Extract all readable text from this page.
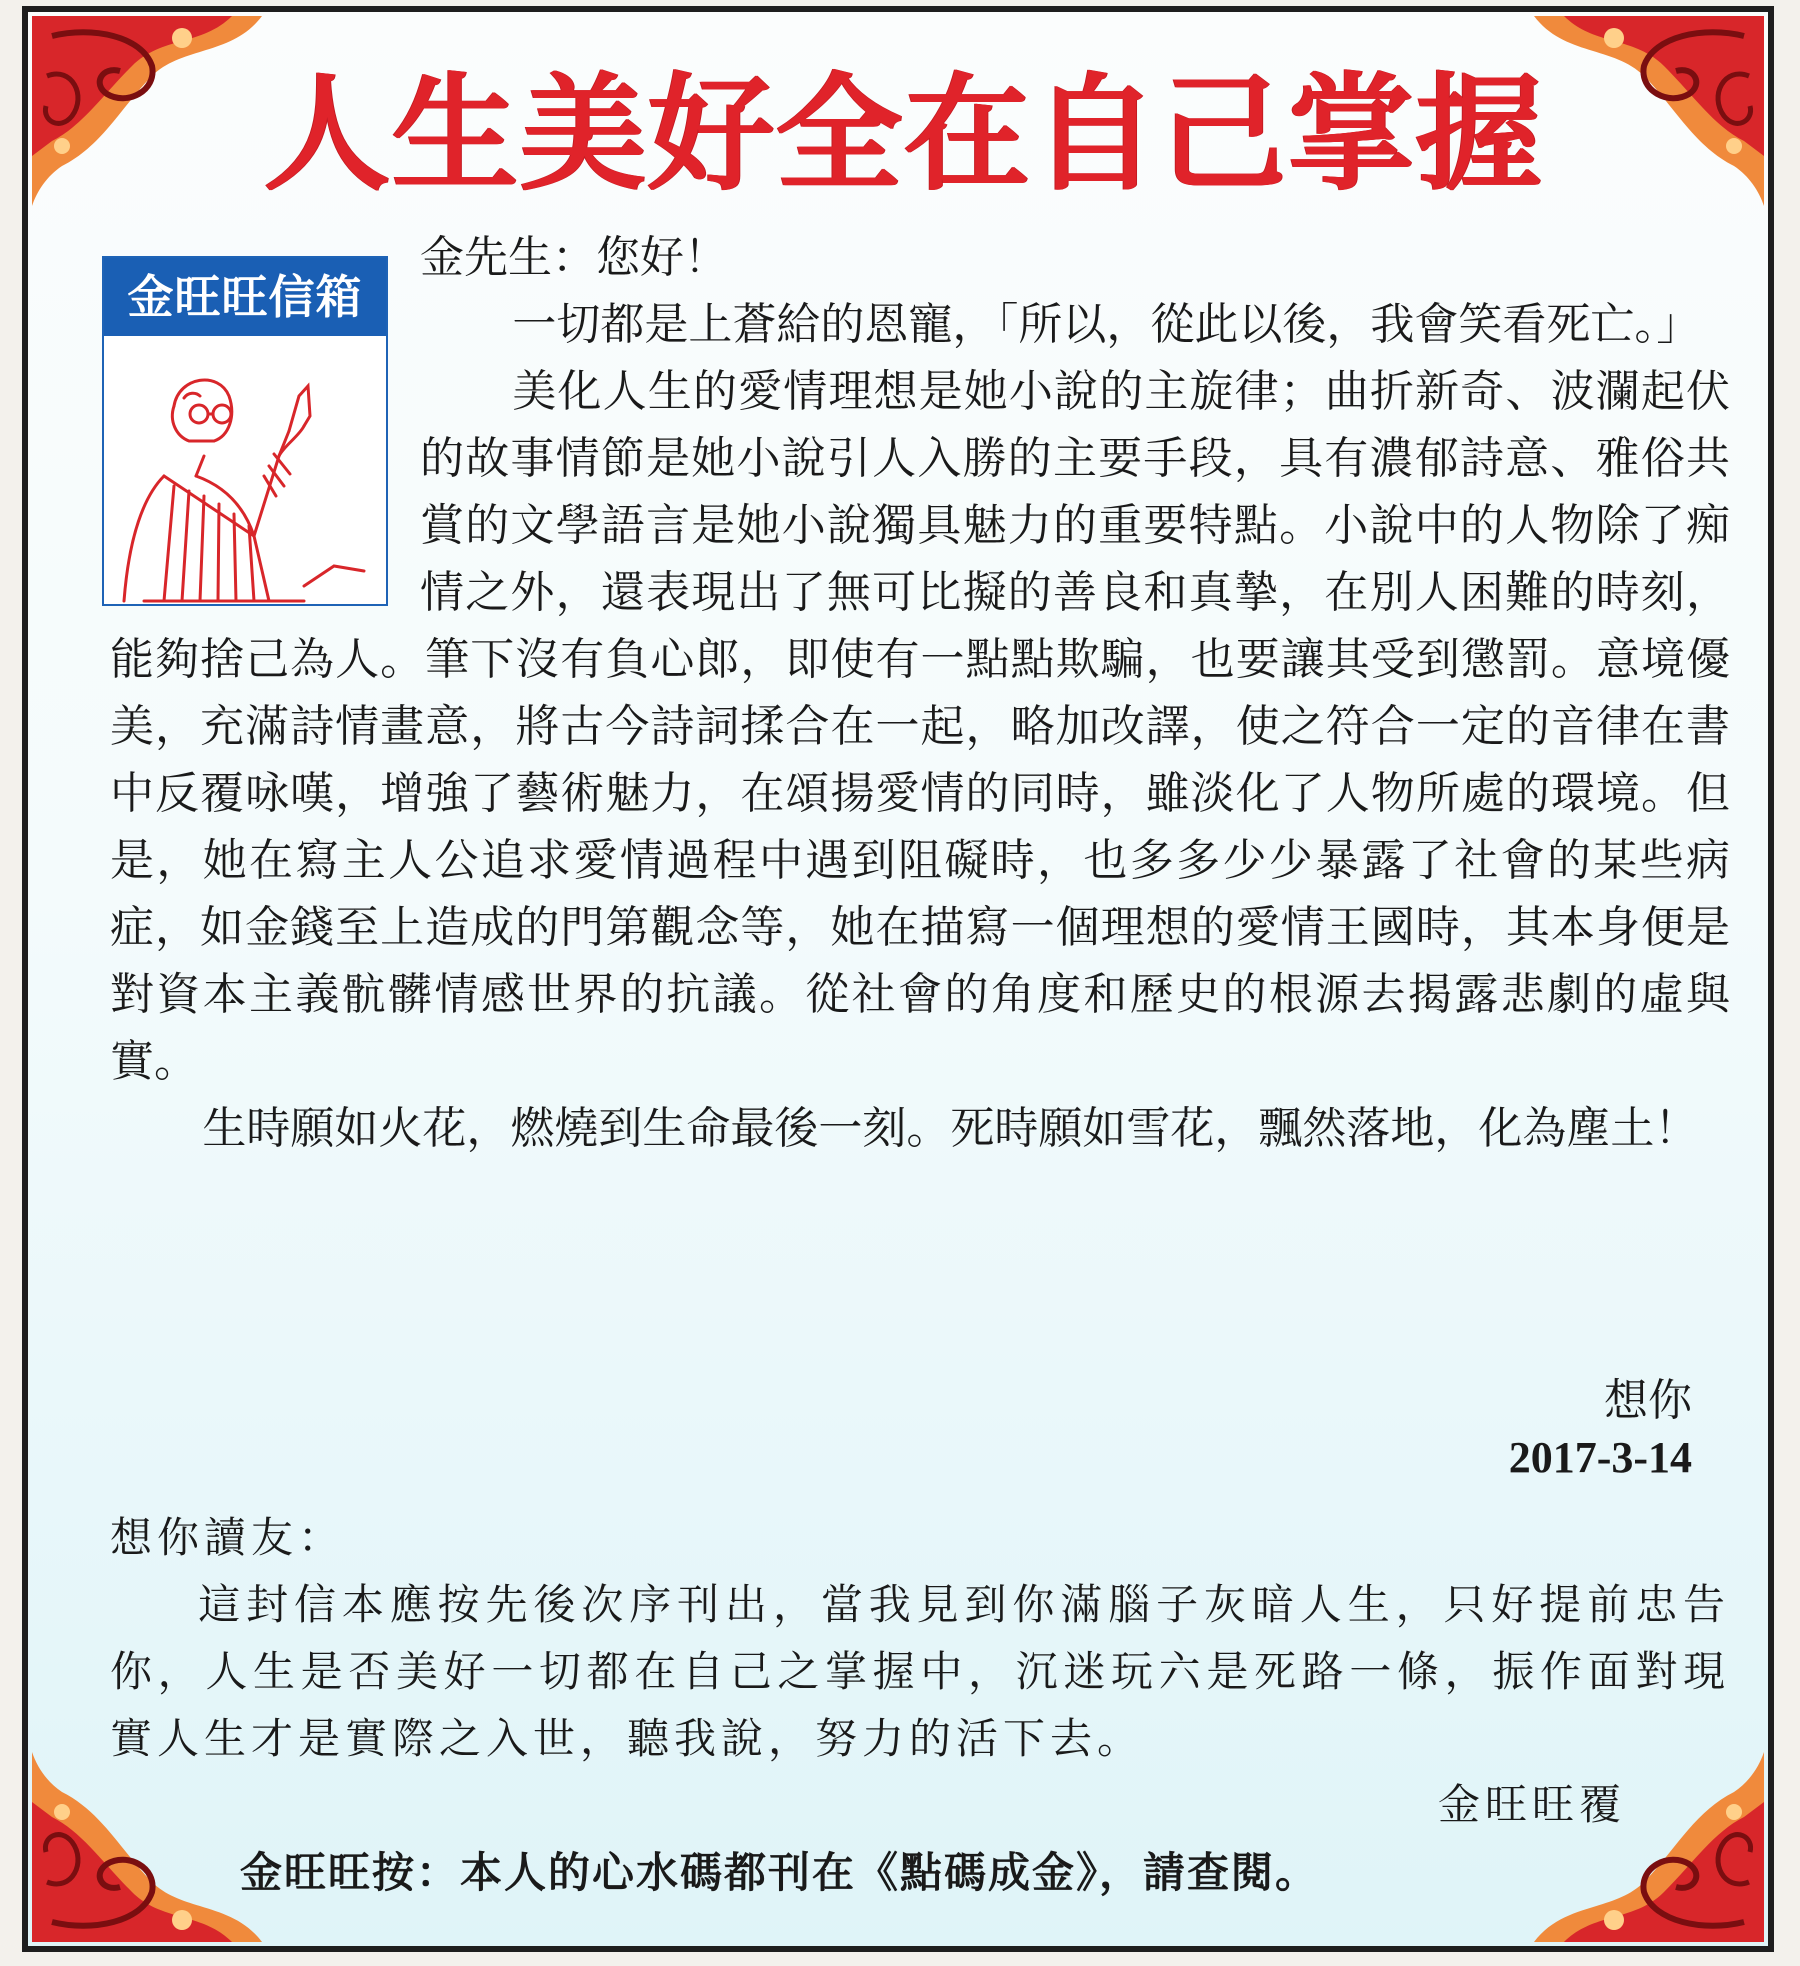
人生美好全在自己掌握
金旺旺信箱

金先生：您好！

一切都是上蒼給的恩寵，「所以，從此以後，我會笑看死亡。」

美化人生的愛情理想是她小說的主旋律；曲折新奇、波瀾起伏的故事情節是她小說引人入勝的主要手段，具有濃郁詩意、雅俗共賞的文學語言是她小說獨具魅力的重要特點。小說中的人物除了痴情之外，還表現出了無可比擬的善良和真摯，在別人困難的時刻，能夠捨己為人。筆下沒有負心郎，即使有一點點欺騙，也要讓其受到懲罰。意境優美，充滿詩情畫意，將古今詩詞揉合在一起，略加改譯，使之符合一定的音律在書中反覆咏嘆，增強了藝術魅力，在頌揚愛情的同時，雖淡化了人物所處的環境。但是，她在寫主人公追求愛情過程中遇到阻礙時，也多多少少暴露了社會的某些病症，如金錢至上造成的門第觀念等，她在描寫一個理想的愛情王國時，其本身便是對資本主義骯髒情感世界的抗議。從社會的角度和歷史的根源去揭露悲劇的虛與實。

生時願如火花，燃燒到生命最後一刻。死時願如雪花，飄然落地，化為塵土！

想你
2017-3-14

想你讀友：

這封信本應按先後次序刊出，當我見到你滿腦子灰暗人生，只好提前忠告你，人生是否美好一切都在自己之掌握中，沉迷玩六是死路一條，振作面對現實人生才是實際之入世，聽我說，努力的活下去。

金旺旺覆
金旺旺按：本人的心水碼都刊在《點碼成金》，請查閱。
